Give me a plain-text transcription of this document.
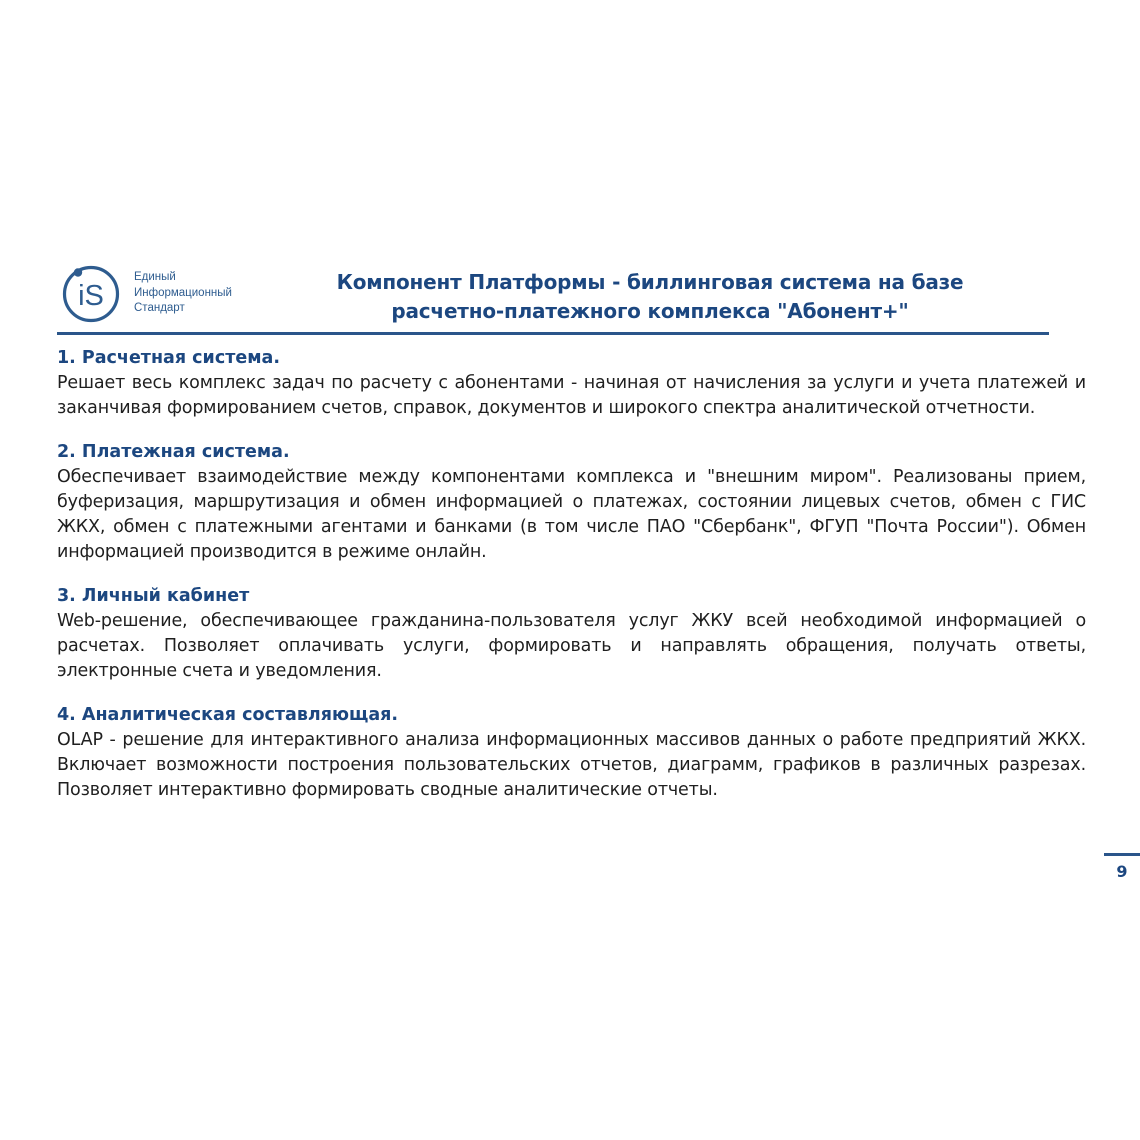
iS
Единый
Информационный
Стандарт
Компонент Платформы - биллинговая система на базе
расчетно-платежного комплекса "Абонент+"

1. Расчетная система.

Решает весь комплекс задач по расчету с абонентами - начиная от начисления за услуги и учета платежей и заканчивая формированием счетов, справок, документов и широкого спектра аналитической отчетности.

2. Платежная система.

Обеспечивает взаимодействие между компонентами комплекса и "внешним миром". Реализованы прием, буферизация, маршрутизация и обмен информацией о платежах, состоянии лицевых счетов, обмен с ГИС ЖКХ, обмен с платежными агентами и банками (в том числе ПАО "Сбербанк", ФГУП "Почта России"). Обмен информацией производится в режиме онлайн.

3. Личный кабинет

Web-решение, обеспечивающее гражданина-пользователя услуг ЖКУ всей необходимой информацией о расчетах. Позволяет оплачивать услуги, формировать и направлять обращения, получать ответы, электронные счета и уведомления.

4. Аналитическая составляющая.

OLAP - решение для интерактивного анализа информационных массивов данных о работе предприятий ЖКХ. Включает возможности построения пользовательских отчетов, диаграмм, графиков в различных разрезах. Позволяет интерактивно формировать сводные аналитические отчеты.

9
